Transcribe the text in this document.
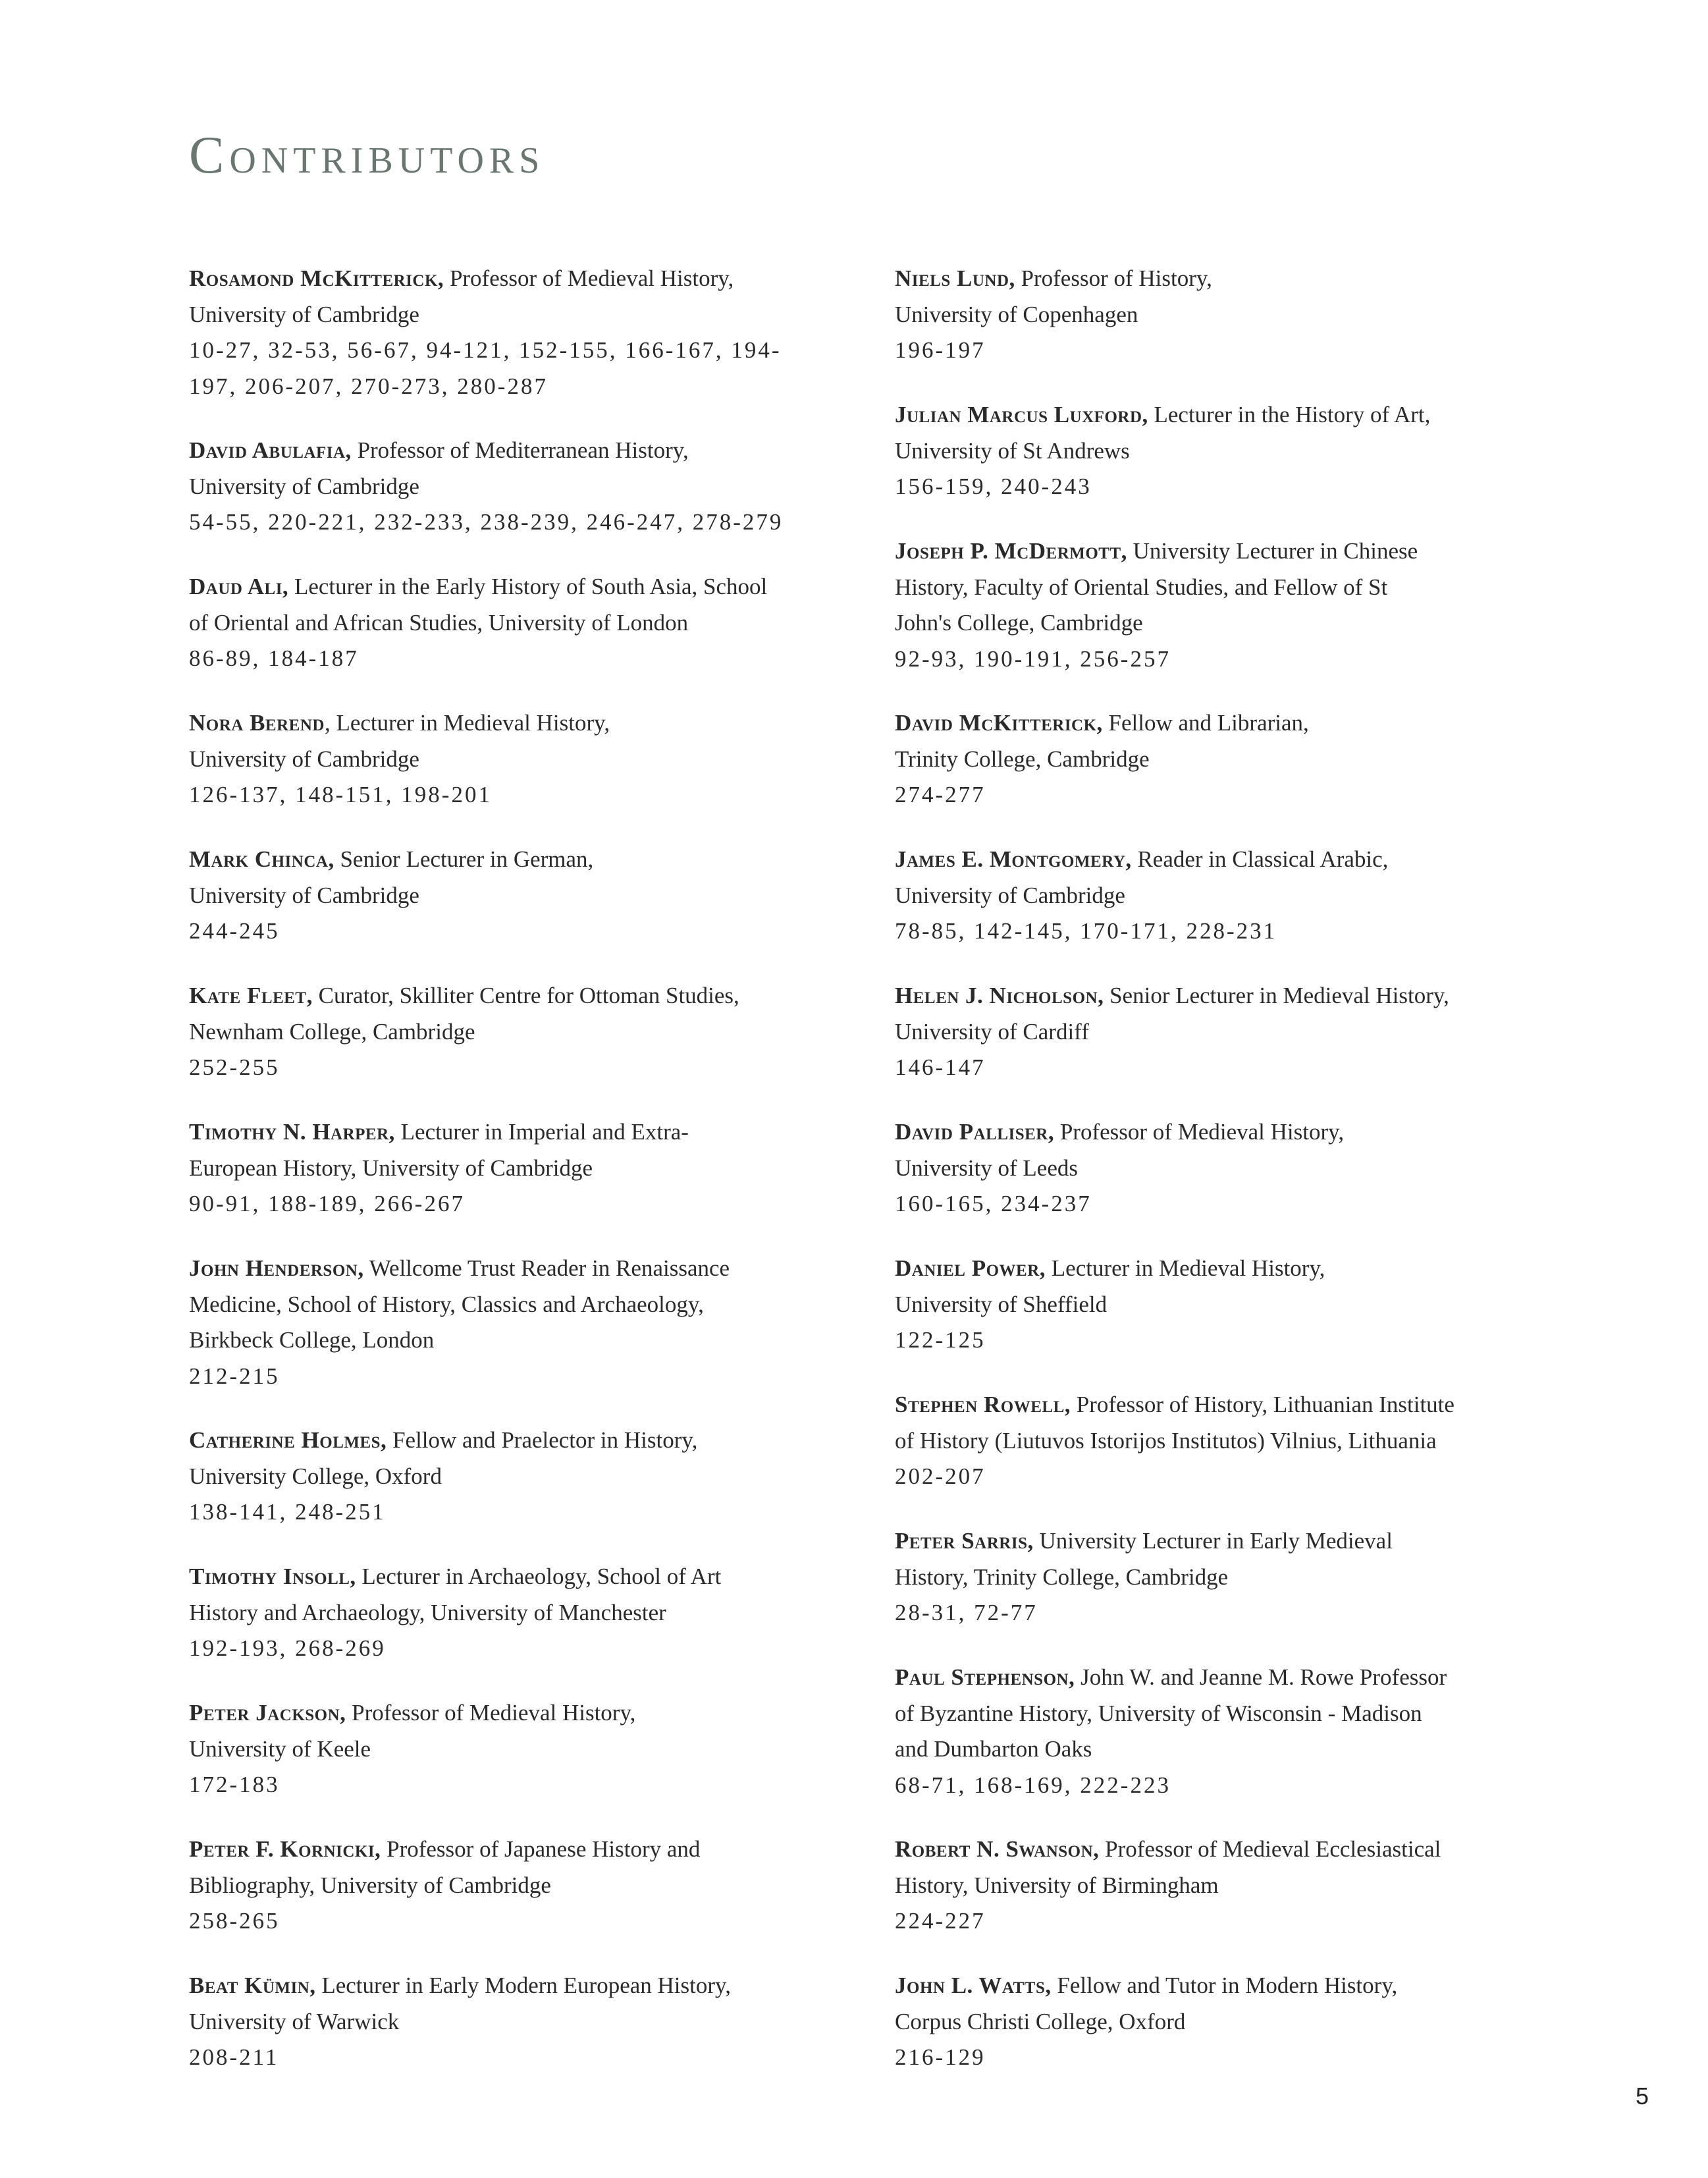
Contributors

Rosamond McKitterick, Professor of Medieval History,

University of Cambridge

10-27, 32-53, 56-67, 94-121, 152-155, 166-167, 194-

197, 206-207, 270-273, 280-287

David Abulafia, Professor of Mediterranean History,

University of Cambridge

54-55, 220-221, 232-233, 238-239, 246-247, 278-279

Daud Ali, Lecturer in the Early History of South Asia, School

of Oriental and African Studies, University of London

86-89, 184-187

Nora Berend, Lecturer in Medieval History,

University of Cambridge

126-137, 148-151, 198-201

Mark Chinca, Senior Lecturer in German,

University of Cambridge

244-245

Kate Fleet, Curator, Skilliter Centre for Ottoman Studies,

Newnham College, Cambridge

252-255

Timothy N. Harper, Lecturer in Imperial and Extra-

European History, University of Cambridge

90-91, 188-189, 266-267

John Henderson, Wellcome Trust Reader in Renaissance

Medicine, School of History, Classics and Archaeology,

Birkbeck College, London

212-215

Catherine Holmes, Fellow and Praelector in History,

University College, Oxford

138-141, 248-251

Timothy Insoll, Lecturer in Archaeology, School of Art

History and Archaeology, University of Manchester

192-193, 268-269

Peter Jackson, Professor of Medieval History,

University of Keele

172-183

Peter F. Kornicki, Professor of Japanese History and

Bibliography, University of Cambridge

258-265

Beat Kümin, Lecturer in Early Modern European History,

University of Warwick

208-211

Niels Lund, Professor of History,

University of Copenhagen

196-197

Julian Marcus Luxford, Lecturer in the History of Art,

University of St Andrews

156-159, 240-243

Joseph P. McDermott, University Lecturer in Chinese

History, Faculty of Oriental Studies, and Fellow of St

John's College, Cambridge

92-93, 190-191, 256-257

David McKitterick, Fellow and Librarian,

Trinity College, Cambridge

274-277

James E. Montgomery, Reader in Classical Arabic,

University of Cambridge

78-85, 142-145, 170-171, 228-231

Helen J. Nicholson, Senior Lecturer in Medieval History,

University of Cardiff

146-147

David Palliser, Professor of Medieval History,

University of Leeds

160-165, 234-237

Daniel Power, Lecturer in Medieval History,

University of Sheffield

122-125

Stephen Rowell, Professor of History, Lithuanian Institute

of History (Liutuvos Istorijos Institutos) Vilnius, Lithuania

202-207

Peter Sarris, University Lecturer in Early Medieval

History, Trinity College, Cambridge

28-31, 72-77

Paul Stephenson, John W. and Jeanne M. Rowe Professor

of Byzantine History, University of Wisconsin - Madison

and Dumbarton Oaks

68-71, 168-169, 222-223

Robert N. Swanson, Professor of Medieval Ecclesiastical

History, University of Birmingham

224-227

John L. Watts, Fellow and Tutor in Modern History,

Corpus Christi College, Oxford

216-129

5
